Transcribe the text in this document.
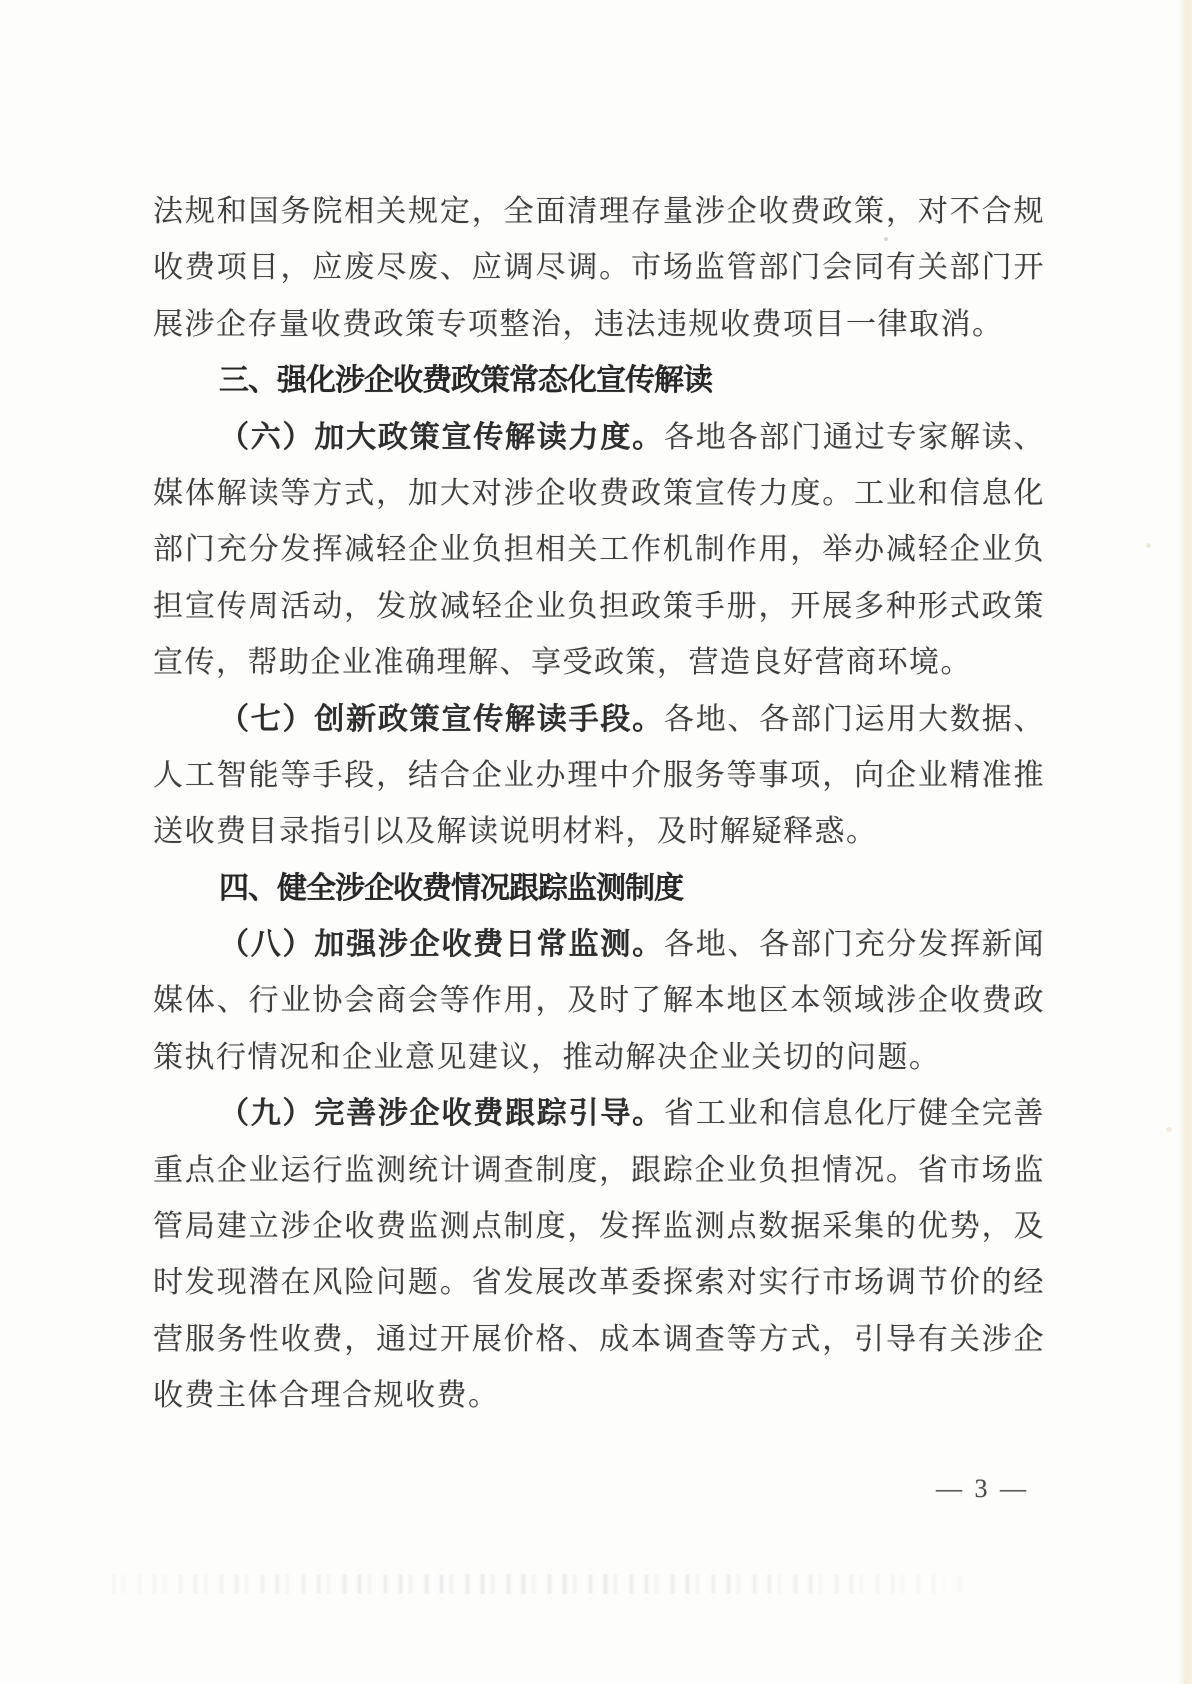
法规和国务院相关规定，全面清理存量涉企收费政策，对不合规
收费项目，应废尽废、应调尽调。市场监管部门会同有关部门开
展涉企存量收费政策专项整治，违法违规收费项目一律取消。
三、强化涉企收费政策常态化宣传解读
（六）加大政策宣传解读力度。各地各部门通过专家解读、
媒体解读等方式，加大对涉企收费政策宣传力度。工业和信息化
部门充分发挥减轻企业负担相关工作机制作用，举办减轻企业负
担宣传周活动，发放减轻企业负担政策手册，开展多种形式政策
宣传，帮助企业准确理解、享受政策，营造良好营商环境。
（七）创新政策宣传解读手段。各地、各部门运用大数据、
人工智能等手段，结合企业办理中介服务等事项，向企业精准推
送收费目录指引以及解读说明材料，及时解疑释惑。
四、健全涉企收费情况跟踪监测制度
（八）加强涉企收费日常监测。各地、各部门充分发挥新闻
媒体、行业协会商会等作用，及时了解本地区本领域涉企收费政
策执行情况和企业意见建议，推动解决企业关切的问题。
（九）完善涉企收费跟踪引导。省工业和信息化厅健全完善
重点企业运行监测统计调查制度，跟踪企业负担情况。省市场监
管局建立涉企收费监测点制度，发挥监测点数据采集的优势，及
时发现潜在风险问题。省发展改革委探索对实行市场调节价的经
营服务性收费，通过开展价格、成本调查等方式，引导有关涉企
收费主体合理合规收费。
— 3 —
